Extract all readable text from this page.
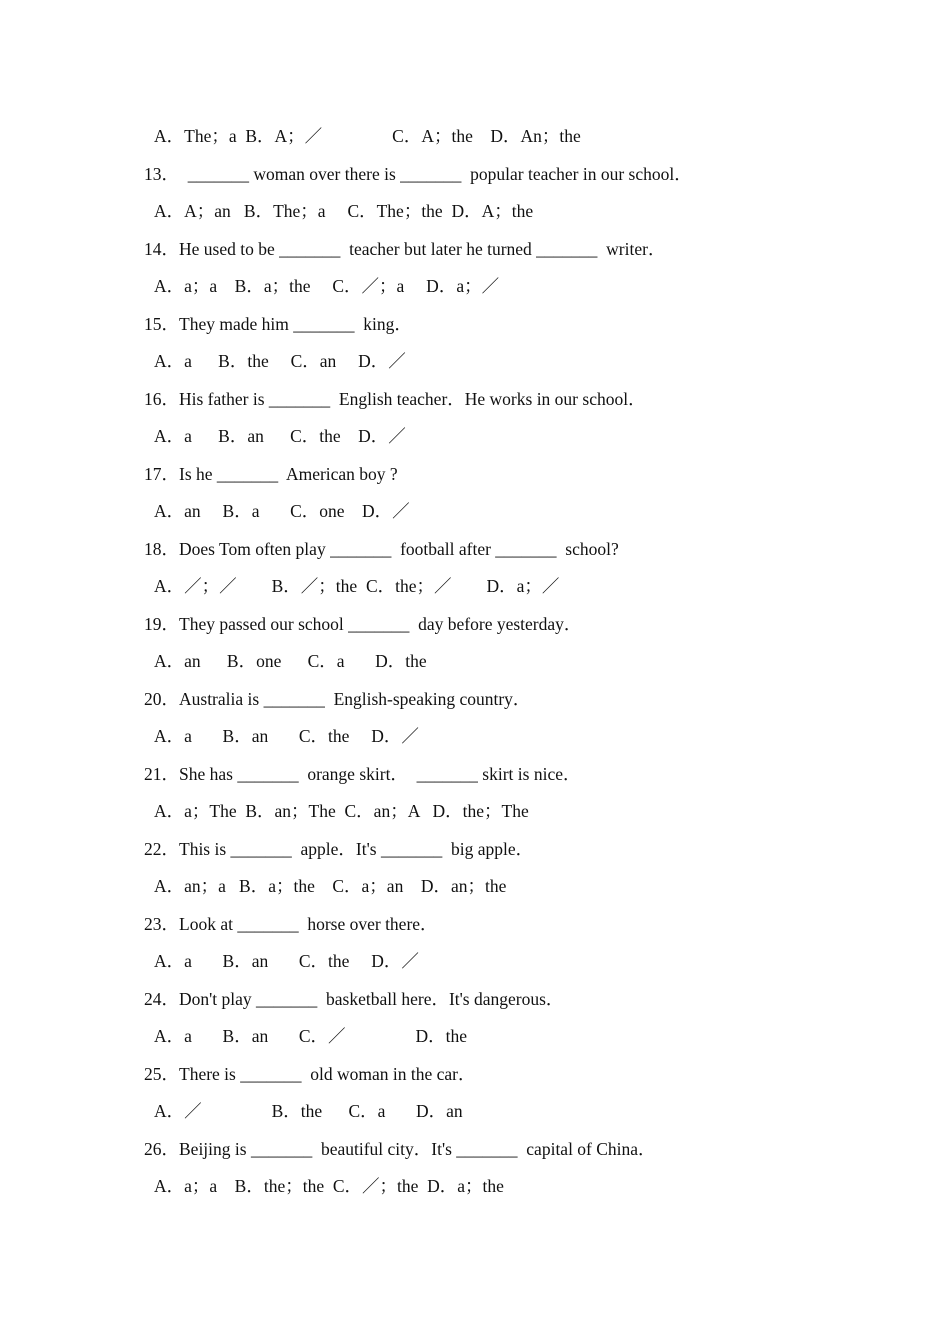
A．The；a  B．A；／                C．A；the    D．An；the
13．  _______ woman over there is _______  popular teacher in our school．
A．A；an   B．The；a     C．The；the  D．A；the
14．He used to be _______  teacher but later he turned _______  writer．
A．a；a    B．a；the     C．／；a     D．a；／
15．They made him _______  king．
A．a      B．the     C．an     D．／
16．His father is _______  English teacher．He works in our school．
A．a      B．an      C．the    D．／
17．Is he _______  American boy ?
A．an     B．a       C．one    D．／
18．Does Tom often play _______  football after _______  school?
A．／；／        B．／；the  C．the；／        D．a；／
19．They passed our school _______  day before yesterday．
A．an      B．one      C．a       D．the
20．Australia is _______  English-speaking country．
A．a       B．an       C．the     D．／
21．She has _______  orange skirt．  _______ skirt is nice．
A．a；The  B．an；The  C．an；A   D．the；The
22．This is _______  apple．It's _______  big apple．
A．an；a   B．a；the    C．a；an    D．an；the
23．Look at _______  horse over there．
A．a       B．an       C．the     D．／
24．Don't play _______  basketball here．It's dangerous．
A．a       B．an       C．／                D．the
25．There is _______  old woman in the car．
A．／                B．the      C．a       D．an
26．Beijing is _______  beautiful city．It's _______  capital of China．
A．a；a    B．the；the  C．／；the  D．a；the
